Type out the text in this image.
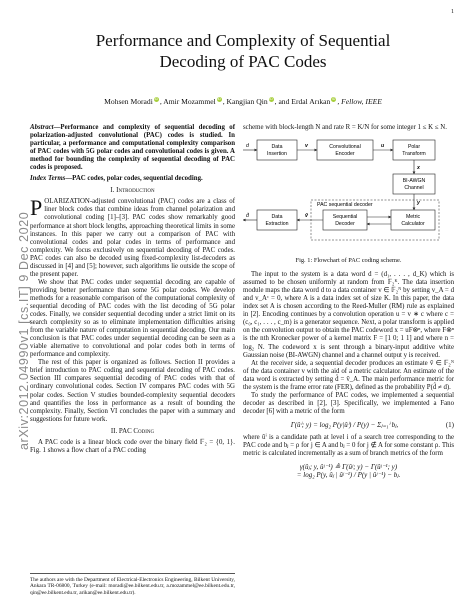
1
arXiv:2012.04990v1 [cs.IT] 9 Dec 2020
Performance and Complexity of Sequential
Decoding of PAC Codes
Mohsen Moradi iD , Amir Mozammel iD , Kangjian Qin iD , and Erdal Arıkan iD , Fellow, IEEE

Abstract—Performance and complexity of sequential decoding of polarization-adjusted convolutional (PAC) codes is studied. In particular, a performance and computational complexity comparison of PAC codes with 5G polar codes and convolutional codes is given. A method for bounding the complexity of sequential decoding of PAC codes is proposed.

Index Terms—PAC codes, polar codes, sequential decoding.

I. Introduction

POLARIZATION-adjusted convolutional (PAC) codes are a class of liner block codes that combine ideas from channel polarization and convolutional coding [1]–[3]. PAC codes show remarkably good performance at short block lengths, approaching theoretical limits in some instances. In this paper we carry out a comparison of PAC with convolutional codes and polar codes in terms of performance and complexity. We focus exclusively on sequential decoding of PAC codes. PAC codes can also be decoded using fixed-complexity list-decoders as discussed in [4] and [5]; however, such algorithms lie outside the scope of the present paper.

We show that PAC codes under sequential decoding are capable of providing better performance than some 5G polar codes. We develop methods for a reasonable comparison of the computational complexity of sequential decoding of PAC codes with the list decoding of 5G polar codes. Finally, we consider sequential decoding under a strict limit on its search complexity so as to eliminate implementation difficulties arising from the variable nature of computation in sequential decoding. Our main conclusion is that PAC codes under sequential decoding can be seen as a viable alternative to convolutional and polar codes both in terms of performance and complexity.

The rest of this paper is organized as follows. Section II provides a brief introduction to PAC coding and sequential decoding of PAC codes. Section III compares sequential decoding of PAC codes with that of ordinary convolutional codes. Section IV compares PAC codes with 5G polar codes. Section V studies bounded-complexity sequential decoders and quantifies the loss in performance as a result of bounding the complexity. Finally, Section VI concludes the paper with a summary and suggestions for future work.

II. PAC Coding

A PAC code is a linear block code over the binary field 𝔽₂ = {0, 1}. Fig. 1 shows a flow chart of a PAC coding

The authors are with the Department of Electrical-Electronics Engineering, Bilkent University, Ankara TR-06800, Turkey (e-mail: moradi@ee.bilkent.edu.tr, a.mozammel@ee.bilkent.edu.tr, qin@ee.bilkent.edu.tr, arikan@ee.bilkent.edu.tr).

scheme with block-length N and rate R = K/N for some integer 1 ≤ K ≤ N.

d	Data
Insertion
v	Convolutional
Encoder
u	Polar
Transform
x
BI-AWGN
Channel
PAC sequential decoder	y
Metric
Calculator
Sequential
Decoder
v̂
Data
Extraction
d̂
Fig. 1: Flowchart of PAC coding scheme.

The input to the system is a data word d = (d₁, . . . , d_K) which is assumed to be chosen uniformly at random from 𝔽₂ᴷ. The data insertion module maps the data word d to a data container v ∈ 𝔽₂ᴺ by setting v_A = d and v_Aᶜ = 0, where A is a data index set of size K. In this paper, the data index set A is chosen according to the Reed-Muller (RM) rule as explained in [2]. Encoding continues by a convolution operation u = v ∗ c where c = (c₀, c₁, . . . , c_m) is a generator sequence. Next, a polar transform is applied on the convolution output to obtain the PAC codeword x = uF⊗ⁿ, where F⊗ⁿ is the nth Kronecker power of a kernel matrix F = [1 0; 1 1] and where n = log₂ N. The codeword x is sent through a binary-input additive white Gaussian noise (BI-AWGN) channel and a channel output y is received.

At the receiver side, a sequential decoder produces an estimate v̂ ∈ 𝔽₂ᴺ of the data container v with the aid of a metric calculator. An estimate of the data word is extracted by setting d̂ = v̂_A. The main performance metric for the system is the frame error rate (FER), defined as the probability P(d̂ ≠ d).

To study the performance of PAC codes, we implemented a sequential decoder as described in [2], [3]. Specifically, we implemented a Fano decoder [6] with a metric of the form

Γ(ûⁱ; y) = log₂ P(y|ûⁱ) / P(y) − Σⱼ₌₁ⁱ bⱼ,	(1)

where ûⁱ is a candidate path at level i of a search tree corresponding to the PAC code and bⱼ = ρ for j ∈ A and bⱼ = 0 for j ∉ A for some constant ρ. This metric is calculated incrementally as a sum of branch metrics of the form

γ(ûⱼ; y, ûʲ⁻¹) ≜ Γ(ûʲ; y) − Γ(ûʲ⁻¹; y)
= log₂ P(y, ûⱼ | ûʲ⁻¹) / P(y | ûʲ⁻¹) − bⱼ.
